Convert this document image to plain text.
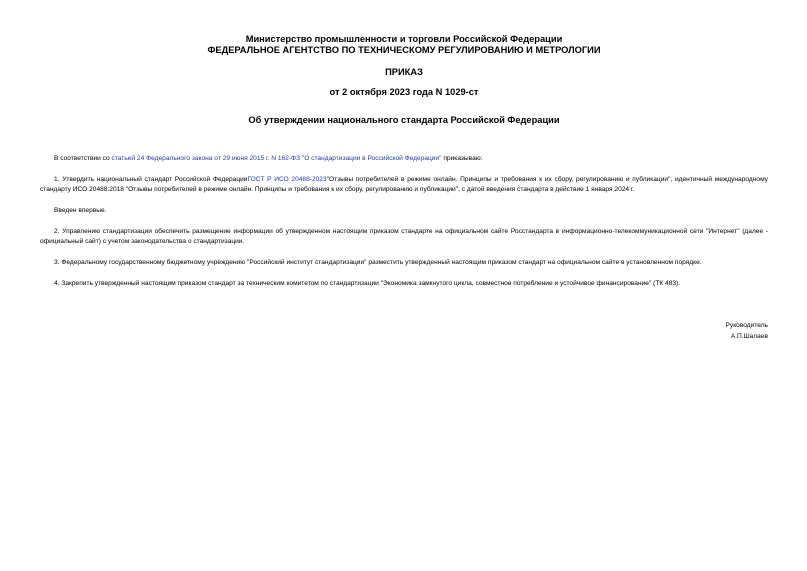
Министерство промышленности и торговли Российской Федерации
ФЕДЕРАЛЬНОЕ АГЕНТСТВО ПО ТЕХНИЧЕСКОМУ РЕГУЛИРОВАНИЮ И МЕТРОЛОГИИ
ПРИКАЗ
от 2 октября 2023 года N 1029-ст
Об утверждении национального стандарта Российской Федерации
В соответствии со статьей 24 Федерального закона от 29 июня 2015 г. N 162-ФЗ "О стандартизации в Российской Федерации" приказываю:
1. Утвердить национальный стандарт Российской ФедерацииГОСТ Р ИСО 20488-2023"Отзывы потребителей в режиме онлайн. Принципы и требования к их сбору, регулированию и публикации", идентичный международному стандарту ИСО 20488:2018 "Отзывы потребителей в режиме онлайн. Принципы и требования к их сбору, регулированию и публикации", с датой введения стандарта в действие 1 января 2024 г.
Введен впервые.
2. Управлению стандартизации обеспечить размещение информации об утвержденном настоящим приказом стандарте на официальном сайте Росстандарта в информационно-телекоммуникационной сети "Интернет" (далее - официальный сайт) с учетом законодательства о стандартизации.
3. Федеральному государственному бюджетному учреждению "Российский институт стандартизации" разместить утвержденный настоящим приказом стандарт на официальном сайте в установленном порядке.
4. Закрепить утвержденный настоящим приказом стандарт за техническим комитетом по стандартизации "Экономика замкнутого цикла, совместное потребление и устойчивое финансирование" (ТК 483).
Руководитель
А.П.Шалаев
